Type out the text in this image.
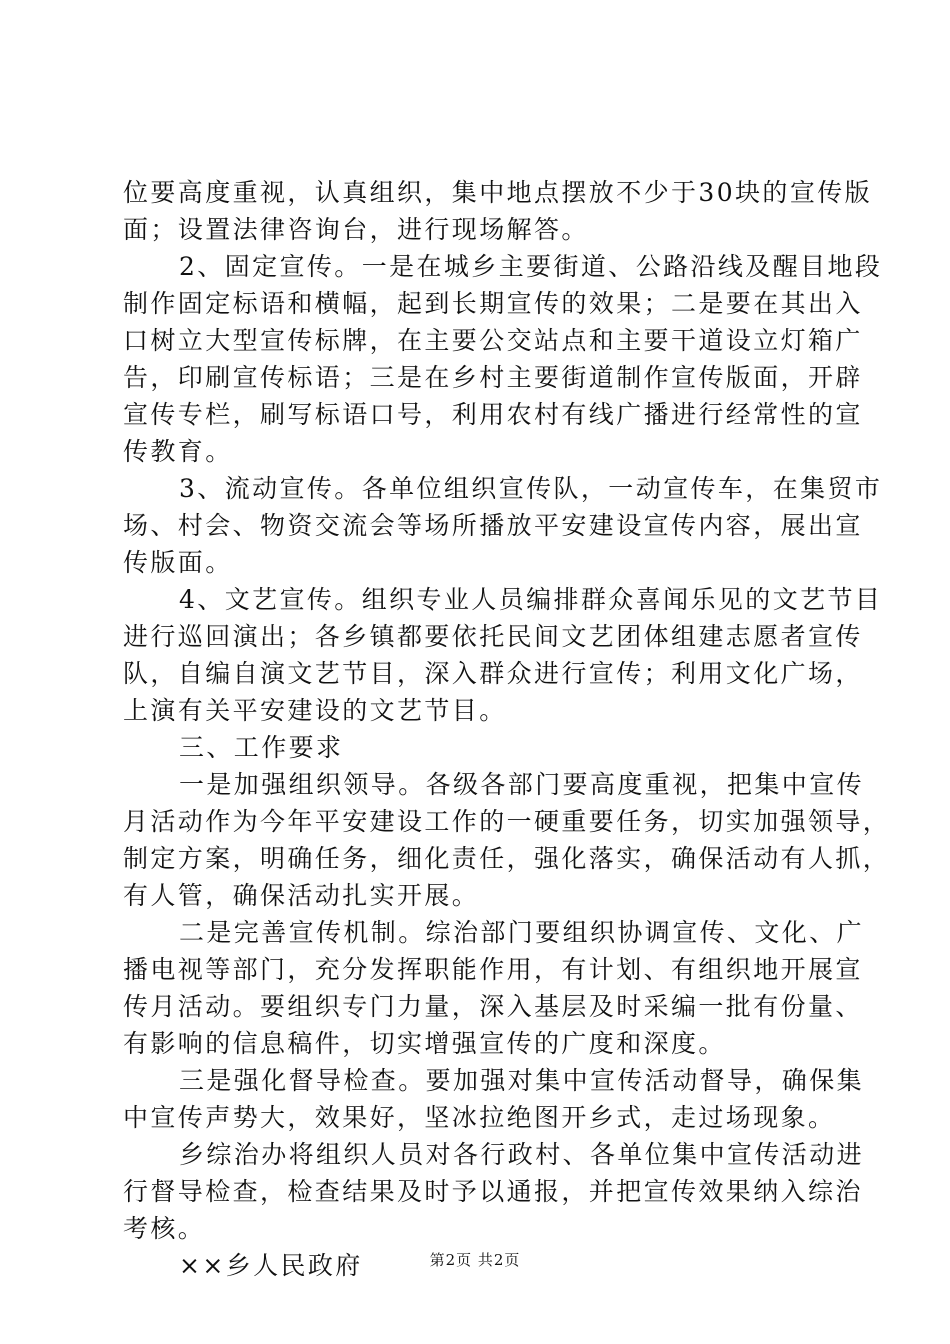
位要高度重视，认真组织，集中地点摆放不少于30块的宣传版
面；设置法律咨询台，进行现场解答。
2、固定宣传。一是在城乡主要街道、公路沿线及醒目地段
制作固定标语和横幅，起到长期宣传的效果；二是要在其出入
口树立大型宣传标牌，在主要公交站点和主要干道设立灯箱广
告，印刷宣传标语；三是在乡村主要街道制作宣传版面，开辟
宣传专栏，刷写标语口号，利用农村有线广播进行经常性的宣
传教育。
3、流动宣传。各单位组织宣传队，一动宣传车，在集贸市
场、村会、物资交流会等场所播放平安建设宣传内容，展出宣
传版面。
4、文艺宣传。组织专业人员编排群众喜闻乐见的文艺节目
进行巡回演出；各乡镇都要依托民间文艺团体组建志愿者宣传
队，自编自演文艺节目，深入群众进行宣传；利用文化广场，
上演有关平安建设的文艺节目。
三、工作要求
一是加强组织领导。各级各部门要高度重视，把集中宣传
月活动作为今年平安建设工作的一硬重要任务，切实加强领导，
制定方案，明确任务，细化责任，强化落实，确保活动有人抓，
有人管，确保活动扎实开展。
二是完善宣传机制。综治部门要组织协调宣传、文化、广
播电视等部门，充分发挥职能作用，有计划、有组织地开展宣
传月活动。要组织专门力量，深入基层及时采编一批有份量、
有影响的信息稿件，切实增强宣传的广度和深度。
三是强化督导检查。要加强对集中宣传活动督导，确保集
中宣传声势大，效果好，坚冰拉绝图开乡式，走过场现象。
乡综治办将组织人员对各行政村、各单位集中宣传活动进
行督导检查，检查结果及时予以通报，并把宣传效果纳入综治
考核。
××乡人民政府	第2页 共2页
